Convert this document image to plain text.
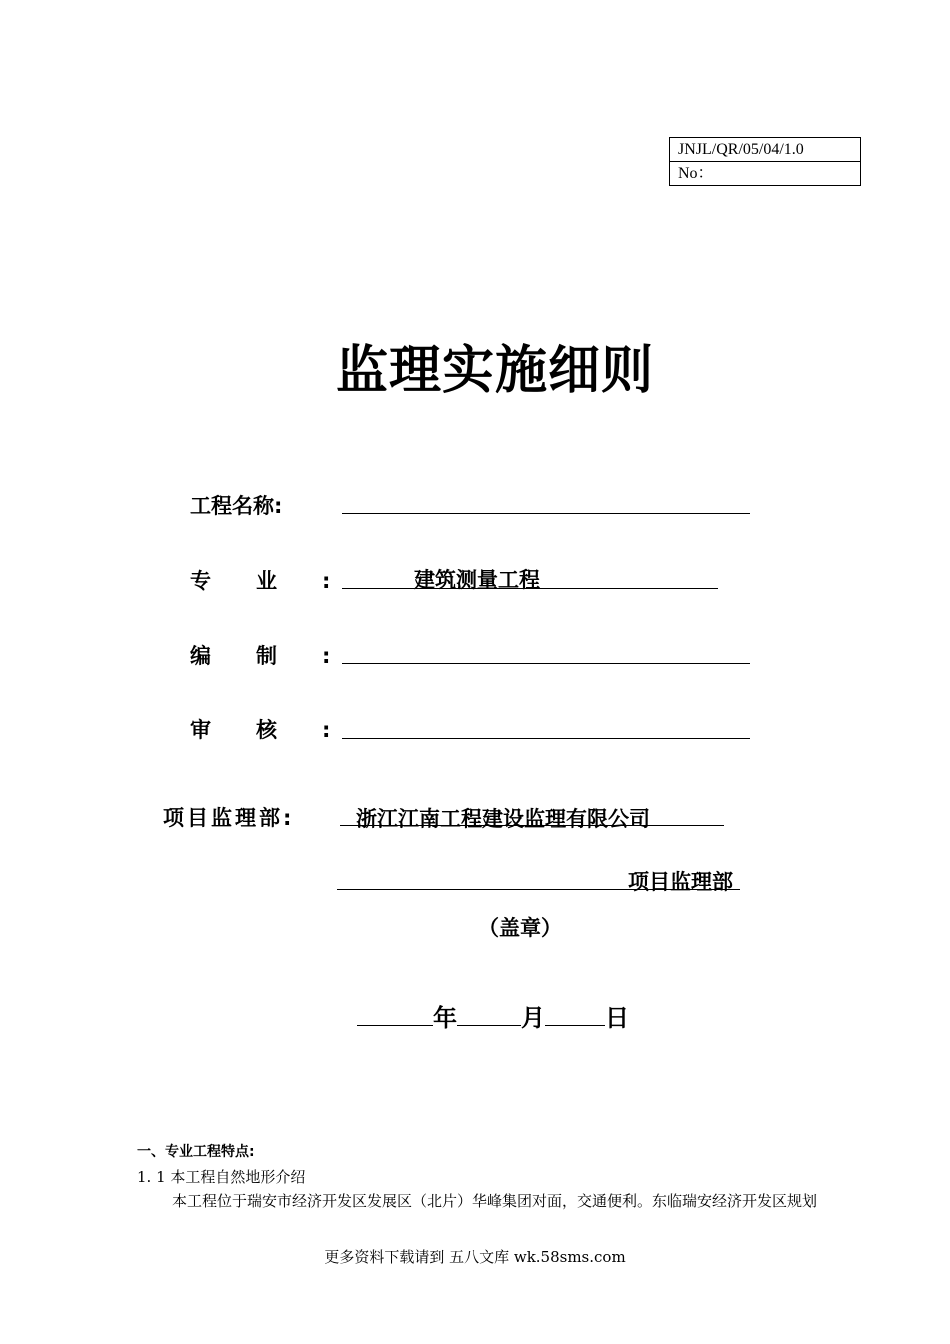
JNJL/QR/05/04/1.0
No：
监理实施细则
工程名称:
专业: 建筑测量工程
编制:
审核:
项目监理部:	浙江江南工程建设监理有限公司
项目监理部
（盖章）
年	月	日
一、专业工程特点:
1. 1 本工程自然地形介绍
本工程位于瑞安市经济开发区发展区（北片）华峰集团对面，交通便利。东临瑞安经济开发区规划
更多资料下载请到 五八文库 wk.58sms.com
